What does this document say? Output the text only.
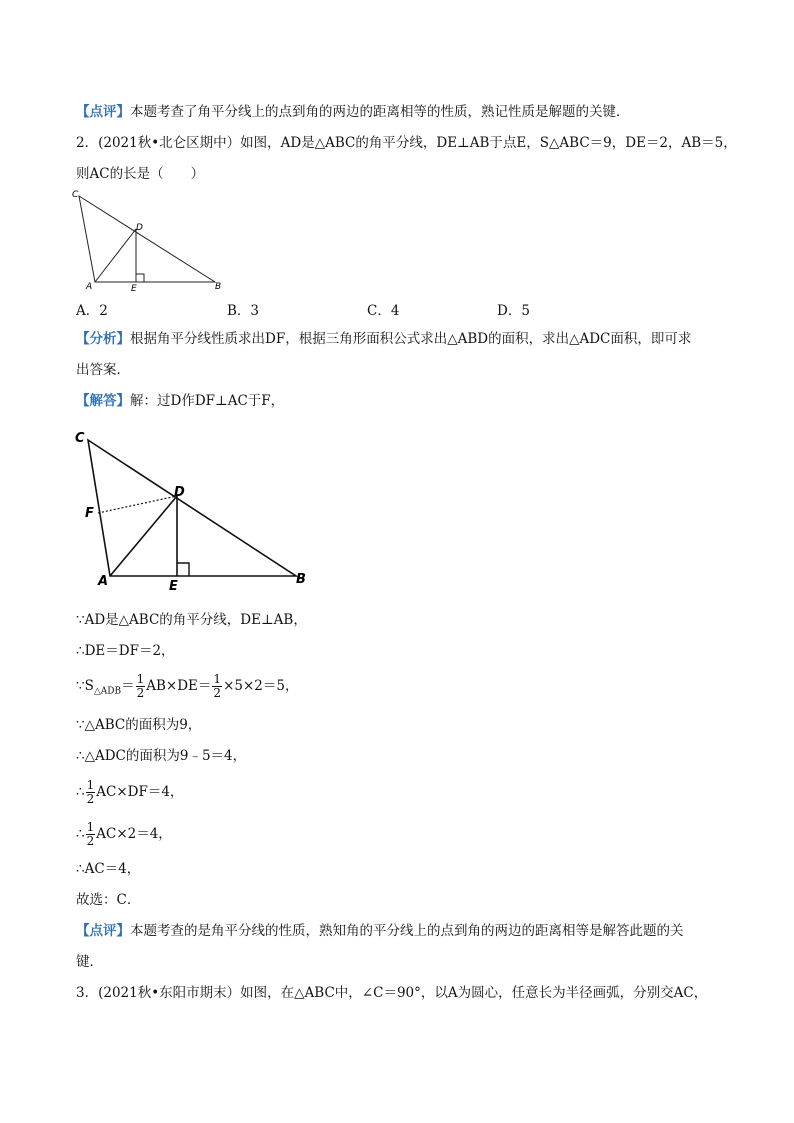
【点评】本题考查了角平分线上的点到角的两边的距离相等的性质，熟记性质是解题的关键．
2．(2021秋•北仑区期中）如图，AD是△ABC的角平分线，DE⊥AB于点E，S△ABC＝9，DE＝2，AB＝5，
则AC的长是（　　）
C
D
A	E	B
A．2	B．3	C．4	D．5
【分析】根据角平分线性质求出DF，根据三角形面积公式求出△ABD的面积，求出△ADC面积，即可求
出答案．
【解答】解：过D作DF⊥AC于F，
C
F
D
A	E	B
∵AD是△ABC的角平分线，DE⊥AB，
∴DE＝DF＝2，
$\because S_{\triangle ADB}= \frac{1}{2} AB\times DE= \frac{1}{2} \times 5\times 2=5$，
∵△ABC的面积为9，
∴△ADC的面积为9﹣5＝4，
∴ $\frac{1}{2} AC\times DF=4$，
∴ $\frac{1}{2} AC\times 2=4$，
∴AC＝4，
故选：C．
【点评】本题考查的是角平分线的性质，熟知角的平分线上的点到角的两边的距离相等是解答此题的关
键．
3．(2021秋•东阳市期末）如图，在△ABC中，∠C＝90°，以A为圆心，任意长为半径画弧，分别交AC，
